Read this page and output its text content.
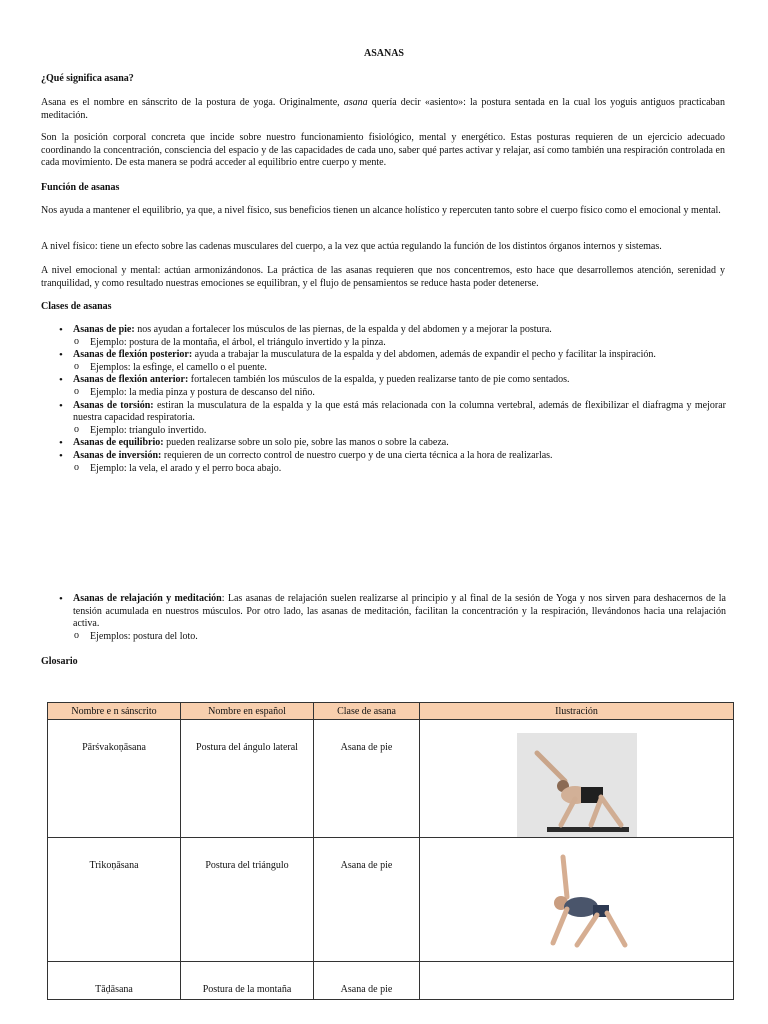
ASANAS
¿Qué significa asana?
Asana es el nombre en sánscrito de la postura de yoga. Originalmente, asana quería decir «asiento»: la postura sentada en la cual los yoguis antiguos practicaban meditación.
Son la posición corporal concreta que incide sobre nuestro funcionamiento fisiológico, mental y energético. Estas posturas requieren de un ejercicio adecuado coordinando la concentración, consciencia del espacio y de las capacidades de cada uno, saber qué partes activar y relajar, así como también una respiración controlada en cada movimiento. De esta manera se podrá acceder al equilibrio entre cuerpo y mente.
Función de asanas
Nos ayuda a mantener el equilibrio, ya que, a nivel físico, sus beneficios tienen un alcance holístico y repercuten tanto sobre el cuerpo físico como el emocional y mental.
A nivel físico: tiene un efecto sobre las cadenas musculares del cuerpo, a la vez que actúa regulando la función de los distintos órganos internos y sistemas.
A nivel emocional y mental: actúan armonizándonos. La práctica de las asanas requieren que nos concentremos, esto hace que desarrollemos atención, serenidad y tranquilidad, y como resultado nuestras emociones se equilibran, y el flujo de pensamientos se reduce hasta poder detenerse.
Clases de asanas
• Asanas de pie: nos ayudan a fortalecer los músculos de las piernas, de la espalda y del abdomen y a mejorar la postura.
o Ejemplo: postura de la montaña, el árbol, el triángulo invertido y la pinza.
• Asanas de flexión posterior: ayuda a trabajar la musculatura de la espalda y del abdomen, además de expandir el pecho y facilitar la inspiración.
o Ejemplos: la esfinge, el camello o el puente.
• Asanas de flexión anterior: fortalecen también los músculos de la espalda, y pueden realizarse tanto de pie como sentados.
o Ejemplo: la media pinza y postura de descanso del niño.
• Asanas de torsión: estiran la musculatura de la espalda y la que está más relacionada con la columna vertebral, además de flexibilizar el diafragma y mejorar nuestra capacidad respiratoria.
o Ejemplo: triangulo invertido.
• Asanas de equilibrio: pueden realizarse sobre un solo pie, sobre las manos o sobre la cabeza.
• Asanas de inversión: requieren de un correcto control de nuestro cuerpo y de una cierta técnica a la hora de realizarlas.
o Ejemplo: la vela, el arado y el perro boca abajo.
• Asanas de relajación y meditación: Las asanas de relajación suelen realizarse al principio y al final de la sesión de Yoga y nos sirven para deshacernos de la tensión acumulada en nuestros músculos. Por otro lado, las asanas de meditación, facilitan la concentración y la respiración, llevándonos hacia una relajación activa.
o Ejemplos: postura del loto.
Glosario
Nombre e n sánscrito	Nombre en español	Clase de asana	Ilustración

Pārśvakoṇāsana	Postura del ángulo lateral	Asana de pie

Trikoṇāsana	Postura del triángulo	Asana de pie

Tāḍāsana	Postura de la montaña	Asana de pie	
